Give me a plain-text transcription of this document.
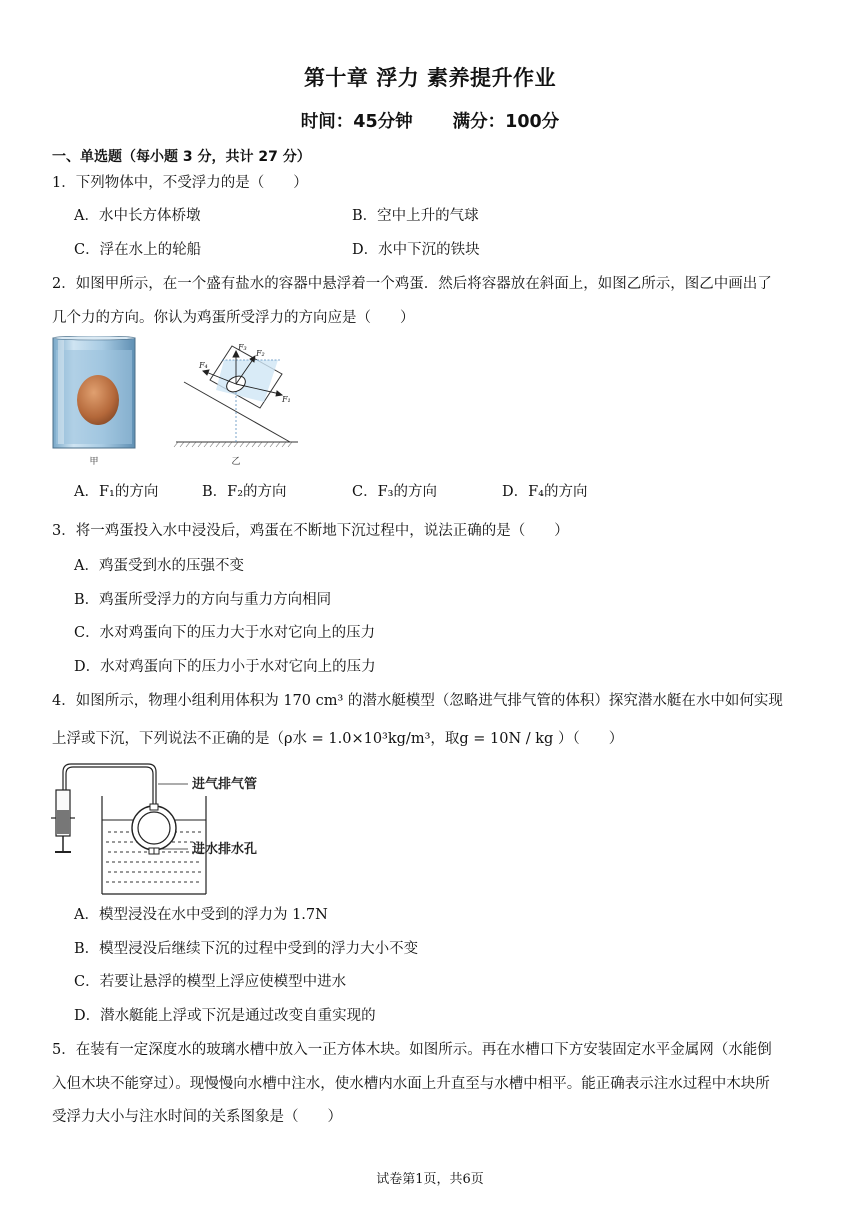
第十章 浮力 素养提升作业
时间：45分钟 满分：100分
一、单选题（每小题 3 分，共计 27 分）
1．下列物体中，不受浮力的是（　　）
A．水中长方体桥墩	B．空中上升的气球
C．浮在水上的轮船	D．水中下沉的铁块
2．如图甲所示，在一个盛有盐水的容器中悬浮着一个鸡蛋．然后将容器放在斜面上，如图乙所示，图乙中画出了
几个力的方向。你认为鸡蛋所受浮力的方向应是（　　）
甲
F₁
F₂
F₃
F₄
乙
A．F₁的方向	B．F₂的方向	C．F₃的方向	D．F₄的方向
3．将一鸡蛋投入水中浸没后，鸡蛋在不断地下沉过程中，说法正确的是（　　）
A．鸡蛋受到水的压强不变
B．鸡蛋所受浮力的方向与重力方向相同
C．水对鸡蛋向下的压力大于水对它向上的压力
D．水对鸡蛋向下的压力小于水对它向上的压力
4．如图所示，物理小组利用体积为 170 cm³ 的潜水艇模型（忽略进气排气管的体积）探究潜水艇在水中如何实现
上浮或下沉，下列说法不正确的是（ρ水 = 1.0×10³kg/m³，取g = 10N / kg ）（　　）
进气排气管
进水排水孔
A．模型浸没在水中受到的浮力为 1.7N
B．模型浸没后继续下沉的过程中受到的浮力大小不变
C．若要让悬浮的模型上浮应使模型中进水
D．潜水艇能上浮或下沉是通过改变自重实现的
5．在装有一定深度水的玻璃水槽中放入一正方体木块。如图所示。再在水槽口下方安装固定水平金属网（水能倒
入但木块不能穿过）。现慢慢向水槽中注水，使水槽内水面上升直至与水槽中相平。能正确表示注水过程中木块所
受浮力大小与注水时间的关系图象是（　　）
试卷第1页，共6页
